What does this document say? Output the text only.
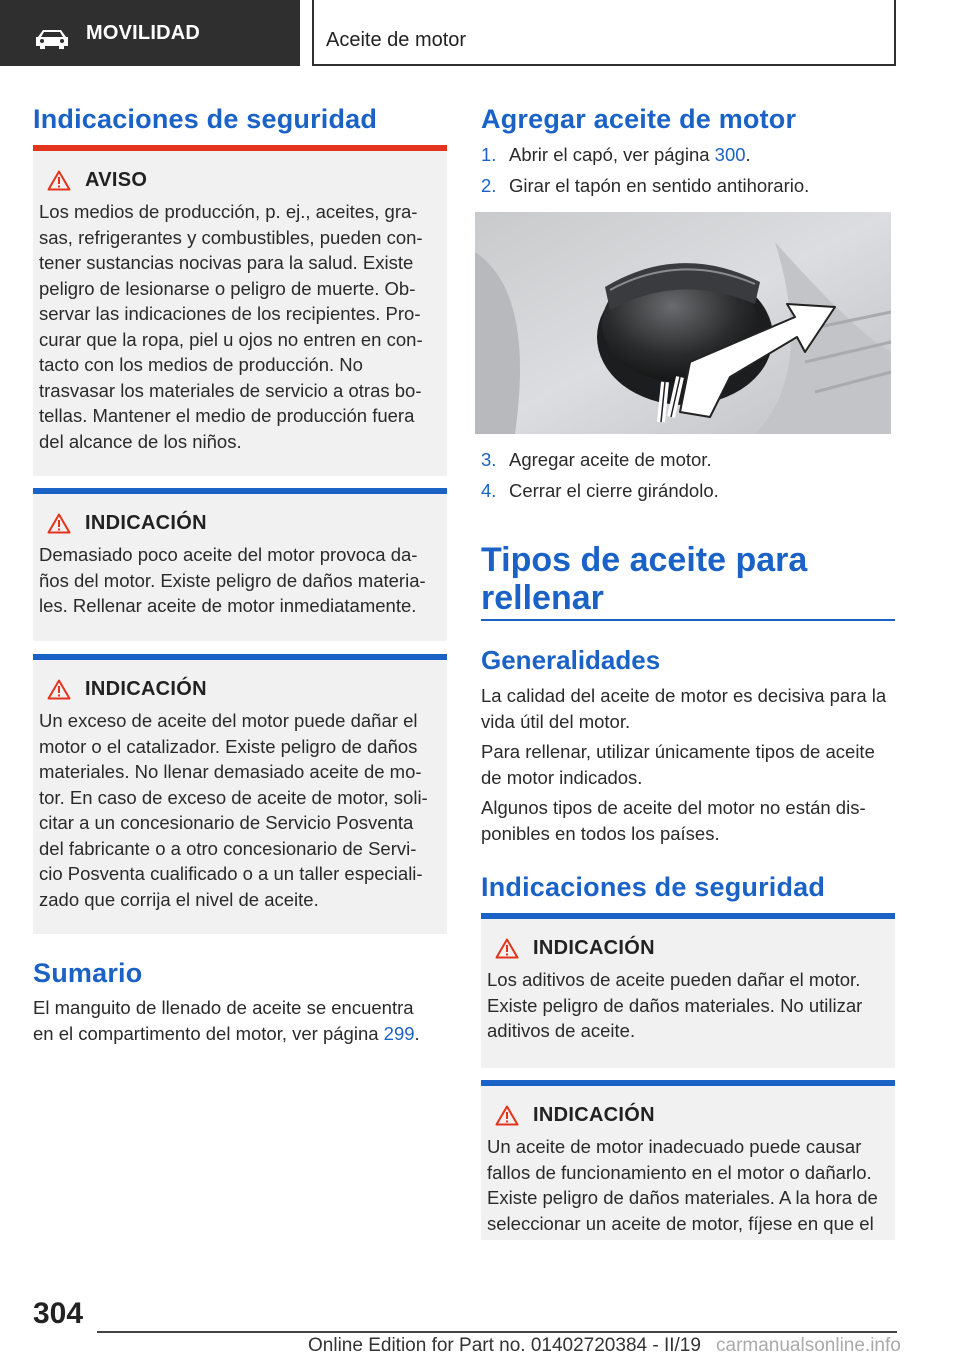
MOVILIDAD	Aceite de motor
Indicaciones de seguridad
AVISO
Los medios de producción, p. ej., aceites, gra‐
sas, refrigerantes y combustibles, pueden con‐
tener sustancias nocivas para la salud. Existe
peligro de lesionarse o peligro de muerte. Ob‐
servar las indicaciones de los recipientes. Pro‐
curar que la ropa, piel u ojos no entren en con‐
tacto con los medios de producción. No
trasvasar los materiales de servicio a otras bo‐
tellas. Mantener el medio de producción fuera
del alcance de los niños.
INDICACIÓN
Demasiado poco aceite del motor provoca da‐
ños del motor. Existe peligro de daños materia‐
les. Rellenar aceite de motor inmediatamente.
INDICACIÓN
Un exceso de aceite del motor puede dañar el
motor o el catalizador. Existe peligro de daños
materiales. No llenar demasiado aceite de mo‐
tor. En caso de exceso de aceite de motor, soli‐
citar a un concesionario de Servicio Posventa
del fabricante o a otro concesionario de Servi‐
cio Posventa cualificado o a un taller especiali‐
zado que corrija el nivel de aceite.
Sumario
El manguito de llenado de aceite se encuentra
en el compartimento del motor, ver página 299.
Agregar aceite de motor
1. Abrir el capó, ver página 300.
2. Girar el tapón en sentido antihorario.
3. Agregar aceite de motor.
4. Cerrar el cierre girándolo.
Tipos de aceite para
rellenar
Generalidades
La calidad del aceite de motor es decisiva para la
vida útil del motor.
Para rellenar, utilizar únicamente tipos de aceite
de motor indicados.
Algunos tipos de aceite del motor no están dis‐
ponibles en todos los países.
Indicaciones de seguridad
INDICACIÓN
Los aditivos de aceite pueden dañar el motor.
Existe peligro de daños materiales. No utilizar
aditivos de aceite.
INDICACIÓN
Un aceite de motor inadecuado puede causar
fallos de funcionamiento en el motor o dañarlo.
Existe peligro de daños materiales. A la hora de
seleccionar un aceite de motor, fíjese en que el
304
Online Edition for Part no. 01402720384 - II/19 carmanualsonline.info
